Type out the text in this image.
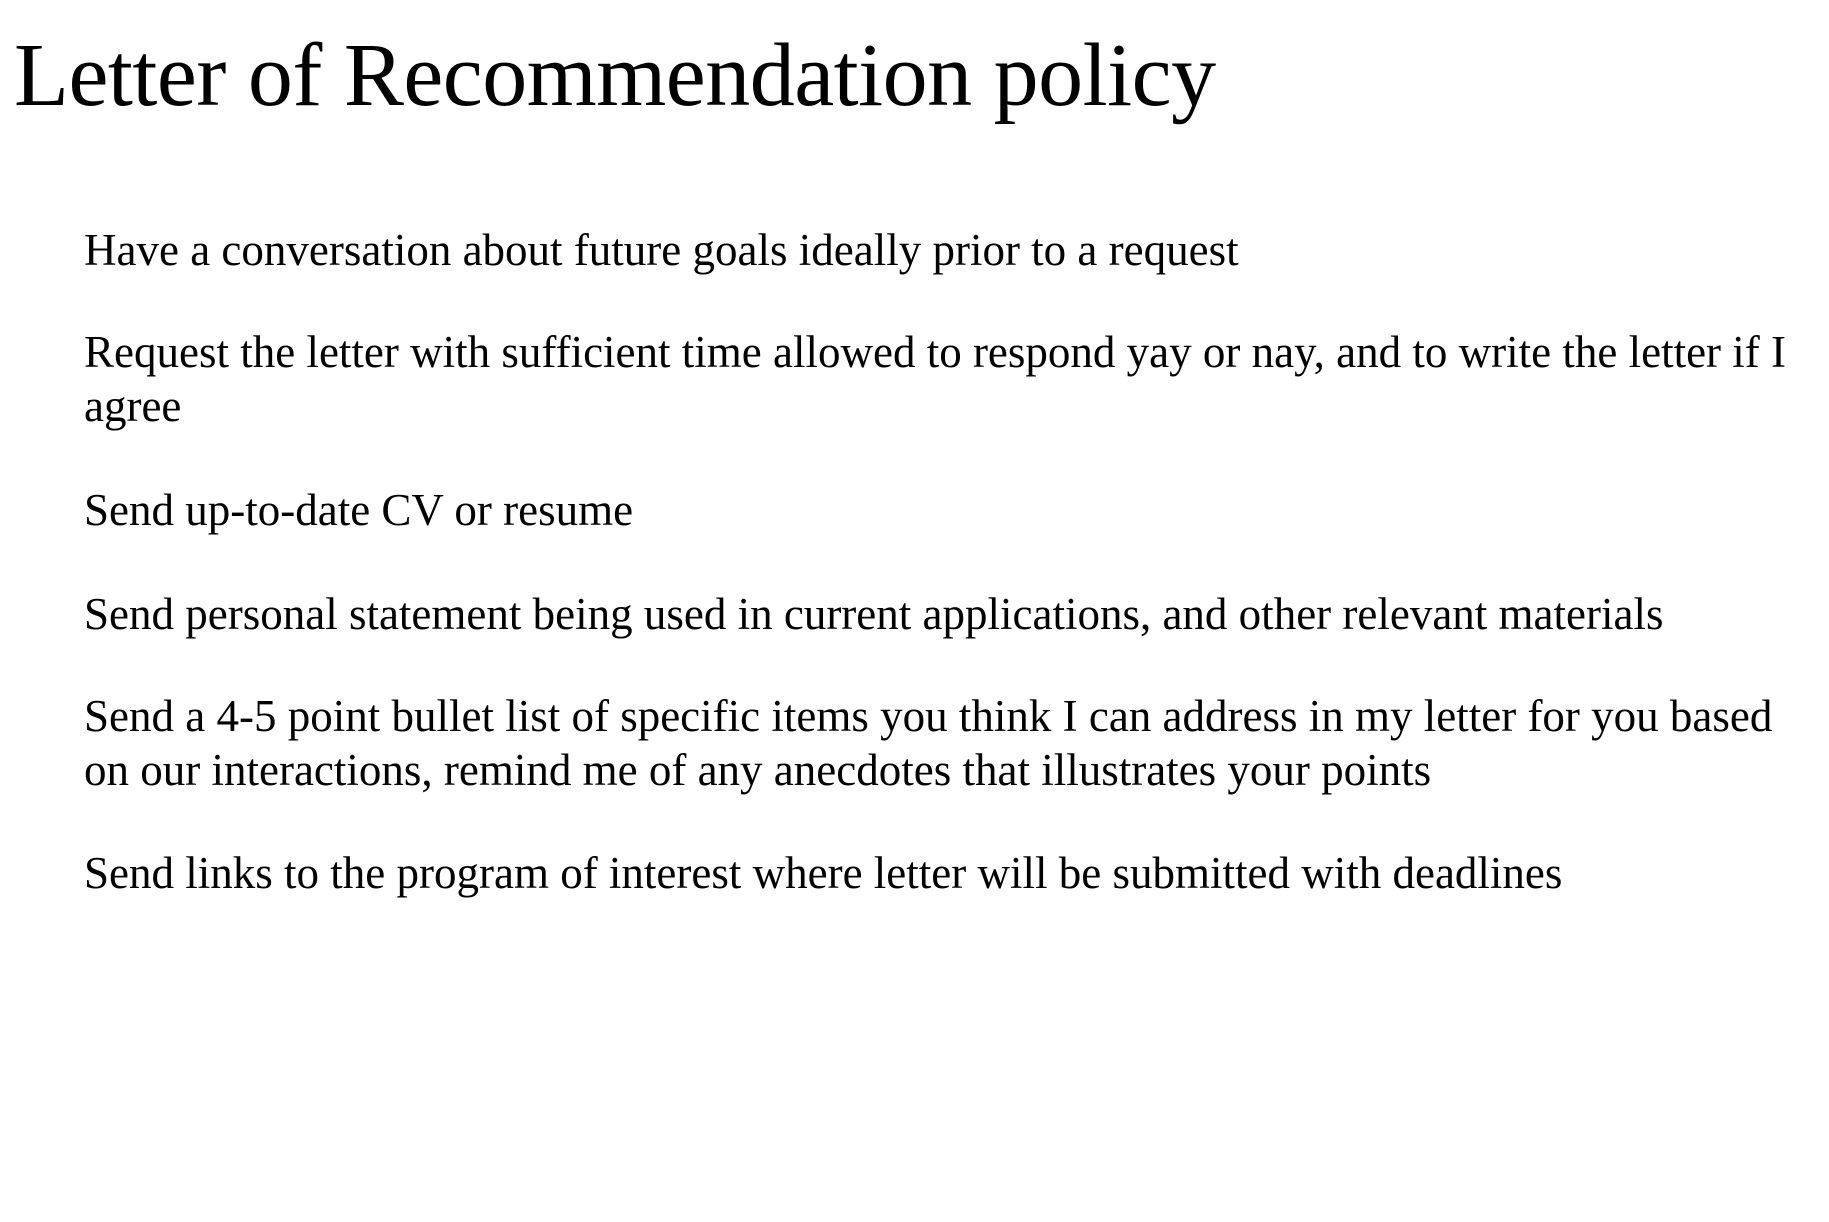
Letter of Recommendation policy
Have a conversation about future goals ideally prior to a request
Request the letter with sufficient time allowed to respond yay or nay, and to write the letter if I agree
Send up-to-date CV or resume
Send personal statement being used in current applications, and other relevant materials
Send a 4-5 point bullet list of specific items you think I can address in my letter for you based on our interactions, remind me of any anecdotes that illustrates your points
Send links to the program of interest where letter will be submitted with deadlines
